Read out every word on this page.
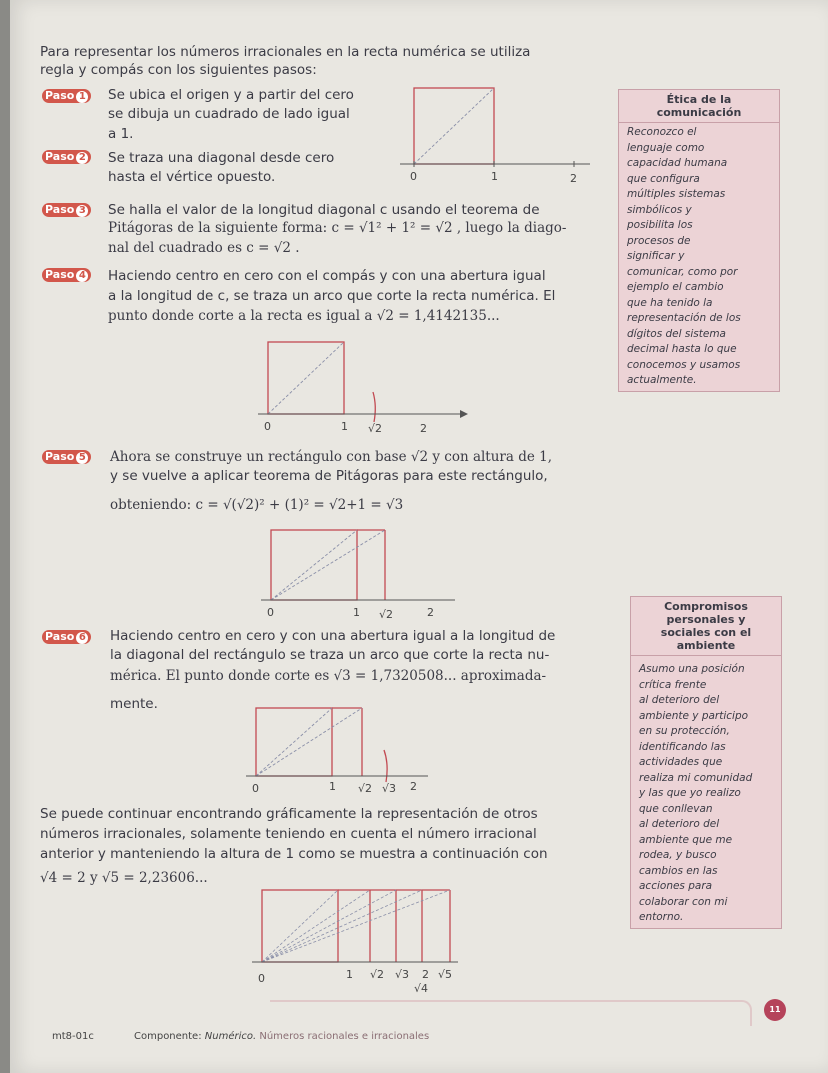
Para representar los números irracionales en la recta numérica se utiliza
regla y compás con los siguientes pasos:
Paso 1	Se ubica el origen y a partir del cero
se dibuja un cuadrado de lado igual
a 1.
Paso 2	Se traza una diagonal desde cero
hasta el vértice opuesto.	0	1	2
Paso 3	Se halla el valor de la longitud diagonal c usando el teorema de
Pitágoras de la siguiente forma: c = √1² + 1² = √2 , luego la diago-
nal del cuadrado es c = √2 .
Paso 4	Haciendo centro en cero con el compás y con una abertura igual
a la longitud de c, se traza un arco que corte la recta numérica. El
punto donde corte a la recta es igual a √2 = 1,4142135...
0	1 √2	2
Paso 5	Ahora se construye un rectángulo con base √2 y con altura de 1,
y se vuelve a aplicar teorema de Pitágoras para este rectángulo,
obteniendo: c = √(√2)² + (1)² = √2+1 = √3
0	1 √2	2
Paso 6	Haciendo centro en cero y con una abertura igual a la longitud de
la diagonal del rectángulo se traza un arco que corte la recta nu-
mérica. El punto donde corte es √3 = 1,7320508... aproximada-
mente.
0	1 √2 √3 2
Se puede continuar encontrando gráficamente la representación de otros
números irracionales, solamente teniendo en cuenta el número irracional
anterior y manteniendo la altura de 1 como se muestra a continuación con
√4 = 2 y √5 = 2,23606...
0	1 √2 √3 2 √5
√4
Ética de la
comunicación
Reconozco el
lenguaje como
capacidad humana
que configura
múltiples sistemas
simbólicos y
posibilita los
procesos de
significar y
comunicar, como por
ejemplo el cambio
que ha tenido la
representación de los
dígitos del sistema
decimal hasta lo que
conocemos y usamos
actualmente.
Compromisos
personales y
sociales con el
ambiente
Asumo una posición
crítica frente
al deterioro del
ambiente y participo
en su protección,
identificando las
actividades que
realiza mi comunidad
y las que yo realizo
que conllevan
al deterioro del
ambiente que me
rodea, y busco
cambios en las
acciones para
colaborar con mi
entorno.
mt8-01c	Componente: Numérico. Números racionales e irracionales
11
